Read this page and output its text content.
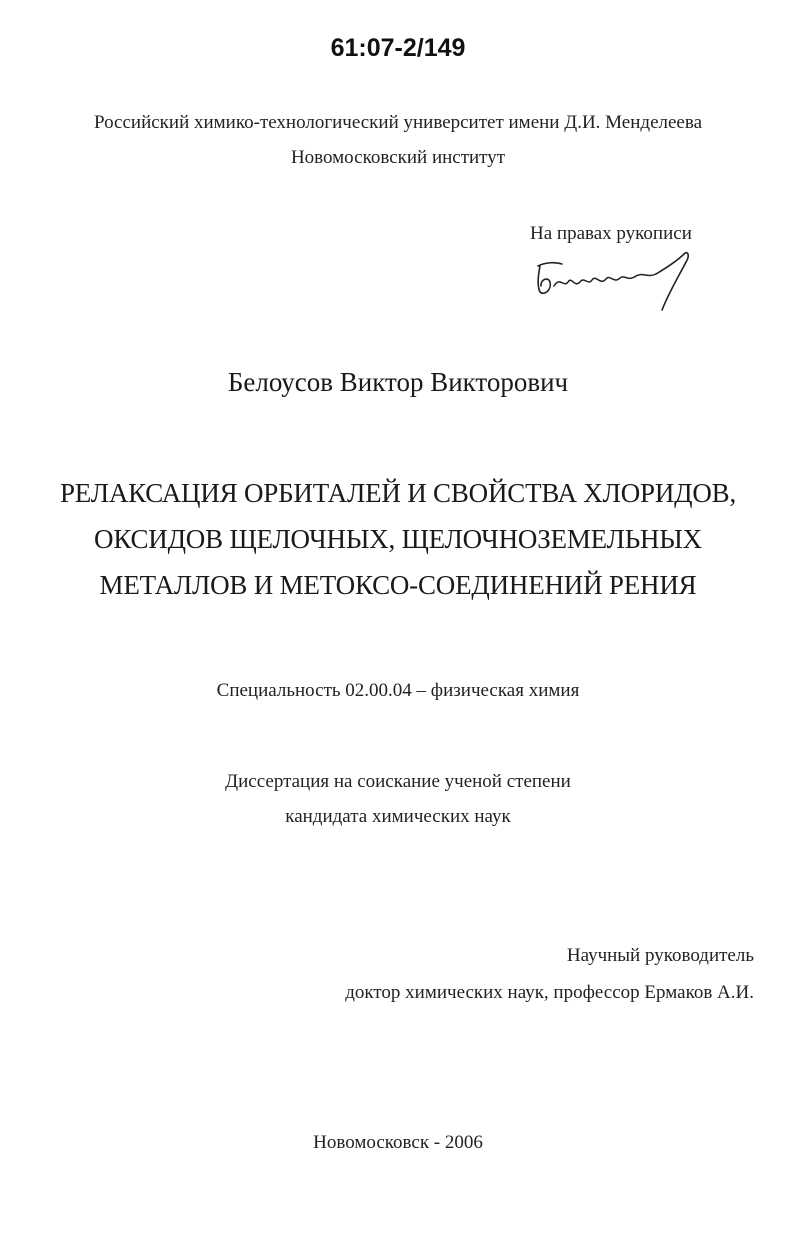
61:07-2/149
Российский химико-технологический университет имени Д.И. Менделеева
Новомосковский институт
На правах рукописи
Белоусов Виктор Викторович
РЕЛАКСАЦИЯ ОРБИТАЛЕЙ И СВОЙСТВА ХЛОРИДОВ,
ОКСИДОВ ЩЕЛОЧНЫХ, ЩЕЛОЧНОЗЕМЕЛЬНЫХ
МЕТАЛЛОВ И МЕТОКСО-СОЕДИНЕНИЙ РЕНИЯ
Специальность 02.00.04 – физическая химия
Диссертация на соискание ученой степени
кандидата химических наук
Научный руководитель
доктор химических наук, профессор Ермаков А.И.
Новомосковск - 2006
